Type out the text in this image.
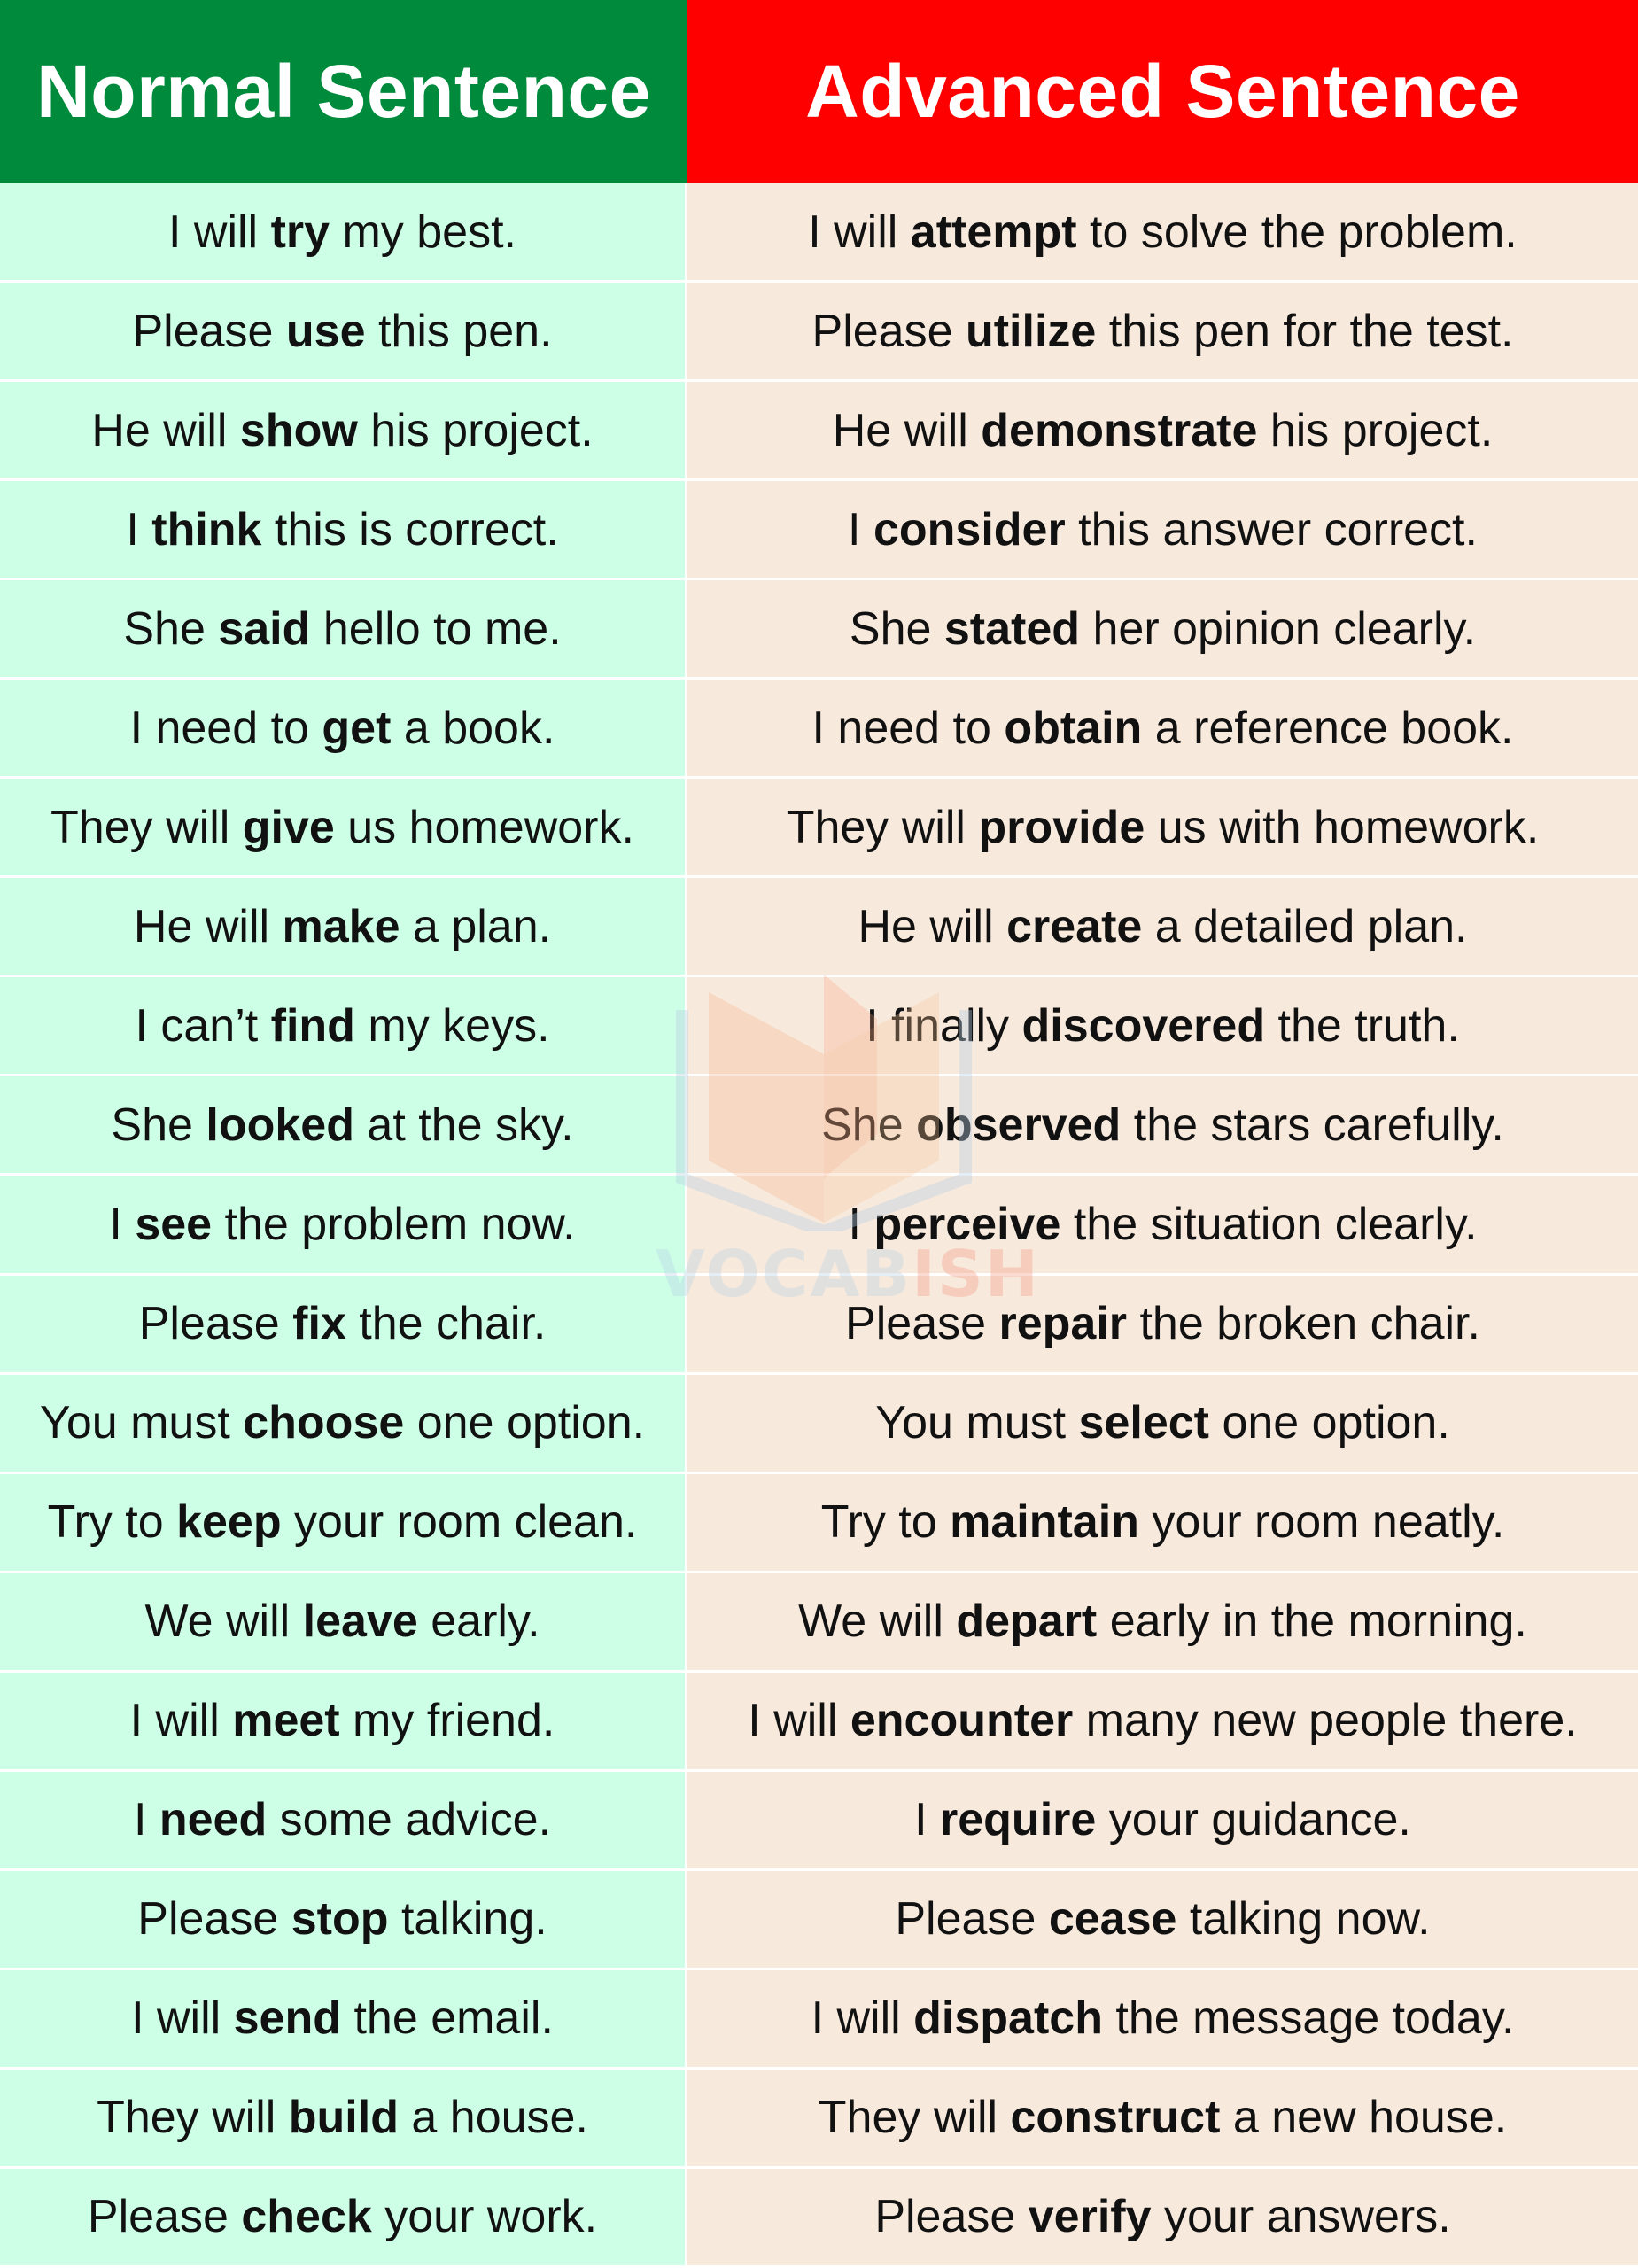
Normal Sentence	Advanced Sentence
I will try my best.	I will attempt to solve the problem.
Please use this pen.	Please utilize this pen for the test.
He will show his project.	He will demonstrate his project.
I think this is correct.	I consider this answer correct.
She said hello to me.	She stated her opinion clearly.
I need to get a book.	I need to obtain a reference book.
They will give us homework.	They will provide us with homework.
He will make a plan.	He will create a detailed plan.
I can’t find my keys.	I finally discovered the truth.
She looked at the sky.	She observed the stars carefully.
I see the problem now.	I perceive the situation clearly.
Please fix the chair.	Please repair the broken chair.
You must choose one option.	You must select one option.
Try to keep your room clean.	Try to maintain your room neatly.
We will leave early.	We will depart early in the morning.
I will meet my friend.	I will encounter many new people there.
I need some advice.	I require your guidance.
Please stop talking.	Please cease talking now.
I will send the email.	I will dispatch the message today.
They will build a house.	They will construct a new house.
Please check your work.	Please verify your answers.
VOCABISH
